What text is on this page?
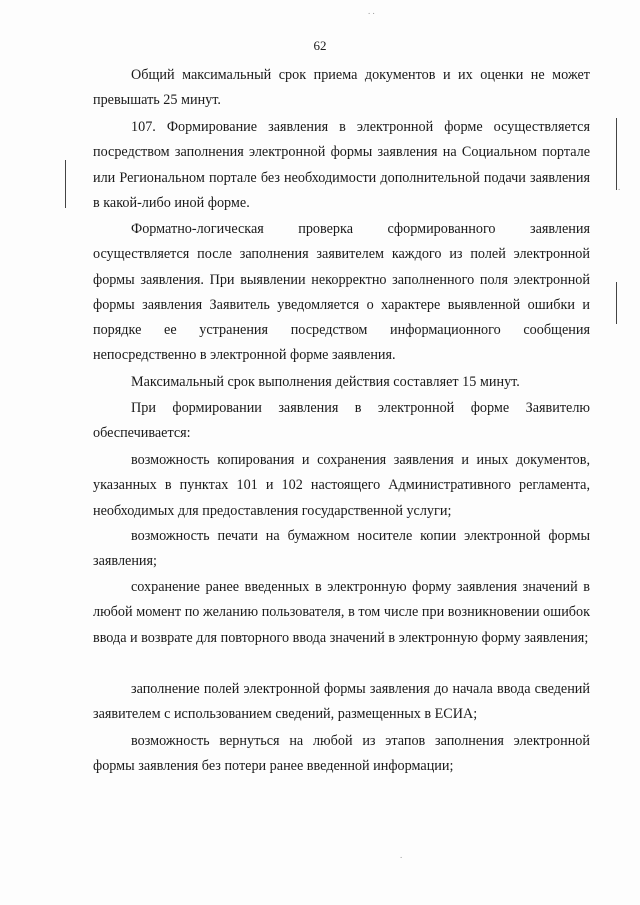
. .
62

Общий максимальный срок приема документов и их оценки не может превышать 25 минут.

107. Формирование заявления в электронной форме осуществляется посредством заполнения электронной формы заявления на Социальном портале или Региональном портале без необходимости дополнительной подачи заявления в какой-либо иной форме.

Форматно-логическая проверка сформированного заявления осуществляется после заполнения заявителем каждого из полей электронной формы заявления. При выявлении некорректно заполненного поля электронной формы заявления Заявитель уведомляется о характере выявленной ошибки и порядке ее устранения посредством информационного сообщения непосредственно в электронной форме заявления.

Максимальный срок выполнения действия составляет 15 минут.

При формировании заявления в электронной форме Заявителю обеспечивается:

возможность копирования и сохранения заявления и иных документов, указанных в пунктах 101 и 102 настоящего Административного регламента, необходимых для предоставления государственной услуги;

возможность печати на бумажном носителе копии электронной формы заявления;

сохранение ранее введенных в электронную форму заявления значений в любой момент по желанию пользователя, в том числе при возникновении ошибок ввода и возврате для повторного ввода значений в электронную форму заявления;

заполнение полей электронной формы заявления до начала ввода сведений заявителем с использованием сведений, размещенных в ЕСИА;

возможность вернуться на любой из этапов заполнения электронной формы заявления без потери ранее введенной информации;

.
.
